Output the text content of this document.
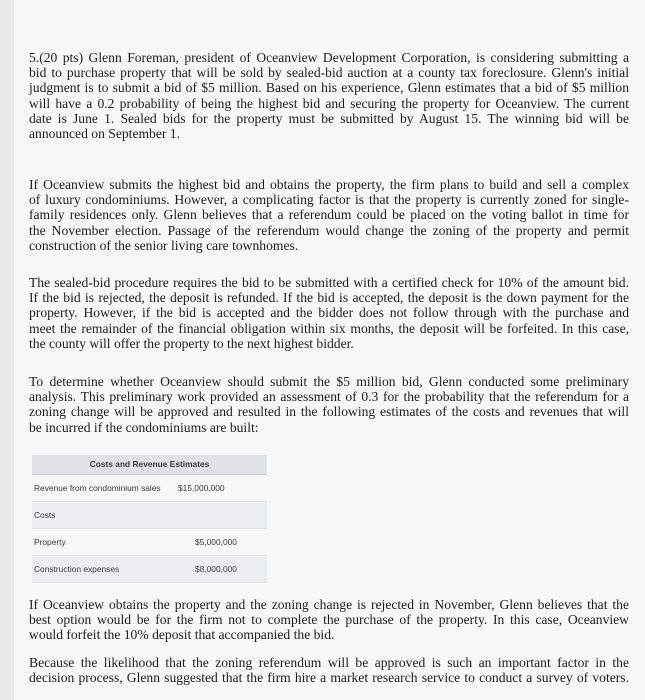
5.(20 pts) Glenn Foreman, president of Oceanview Development Corporation, is considering submitting a
bid to purchase property that will be sold by sealed-bid auction at a county tax foreclosure. Glenn's initial
judgment is to submit a bid of $5 million. Based on his experience, Glenn estimates that a bid of $5 million
will have a 0.2 probability of being the highest bid and securing the property for Oceanview. The current
date is June 1. Sealed bids for the property must be submitted by August 15. The winning bid will be
announced on September 1.
If Oceanview submits the highest bid and obtains the property, the firm plans to build and sell a complex
of luxury condominiums. However, a complicating factor is that the property is currently zoned for single-
family residences only. Glenn believes that a referendum could be placed on the voting ballot in time for
the November election. Passage of the referendum would change the zoning of the property and permit
construction of the senior living care townhomes.
The sealed-bid procedure requires the bid to be submitted with a certified check for 10% of the amount bid.
If the bid is rejected, the deposit is refunded. If the bid is accepted, the deposit is the down payment for the
property. However, if the bid is accepted and the bidder does not follow through with the purchase and
meet the remainder of the financial obligation within six months, the deposit will be forfeited. In this case,
the county will offer the property to the next highest bidder.
To determine whether Oceanview should submit the $5 million bid, Glenn conducted some preliminary
analysis. This preliminary work provided an assessment of 0.3 for the probability that the referendum for a
zoning change will be approved and resulted in the following estimates of the costs and revenues that will
be incurred if the condominiums are built:
Costs and Revenue Estimates
Revenue from condominium sales $15,000,000
Costs
Property	$5,000,000
Construction expenses	$8,000,000
If Oceanview obtains the property and the zoning change is rejected in November, Glenn believes that the
best option would be for the firm not to complete the purchase of the property. In this case, Oceanview
would forfeit the 10% deposit that accompanied the bid.
Because the likelihood that the zoning referendum will be approved is such an important factor in the
decision process, Glenn suggested that the firm hire a market research service to conduct a survey of voters.
